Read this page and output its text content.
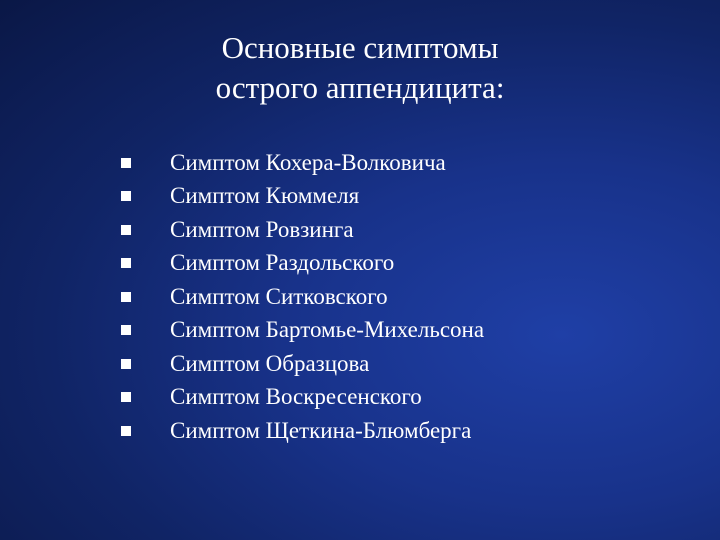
Основные симптомы
острого аппендицита:
Симптом Кохера-Волковича
Симптом Кюммеля
Симптом Ровзинга
Симптом Раздольского
Симптом Ситковского
Симптом Бартомье-Михельсона
Симптом Образцова
Симптом Воскресенского
Симптом Щеткина-Блюмберга
